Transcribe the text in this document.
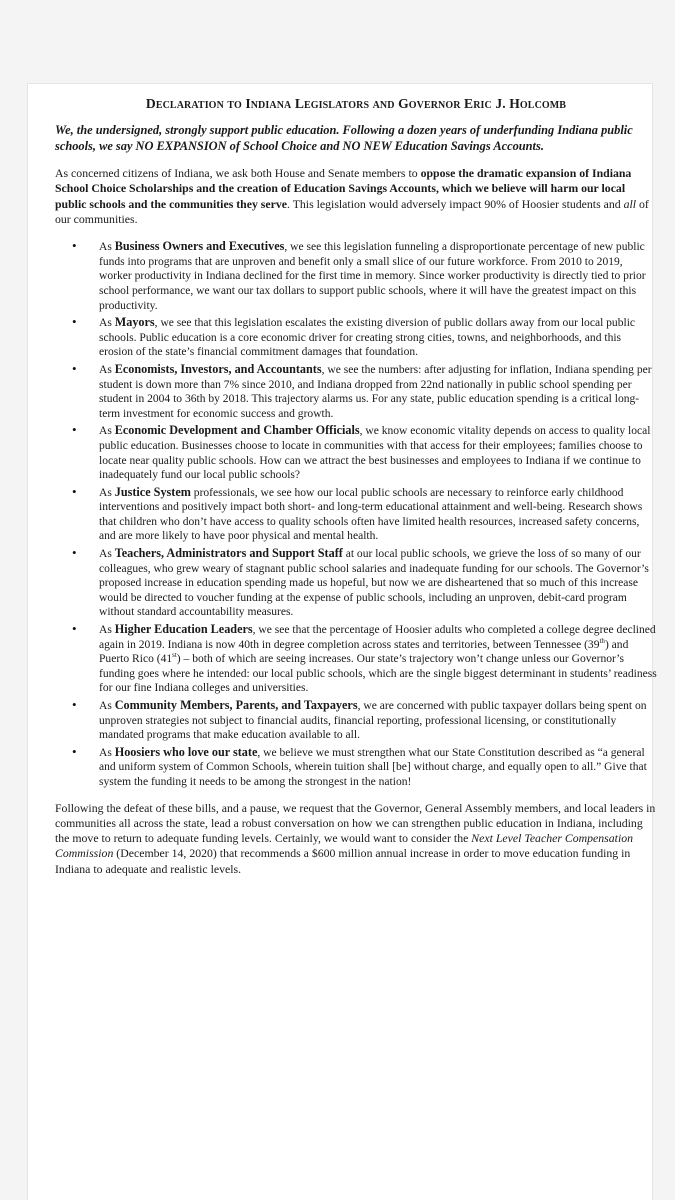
Declaration to Indiana Legislators and Governor Eric J. Holcomb

We, the undersigned, strongly support public education. Following a dozen years of underfunding Indiana public schools, we say NO EXPANSION of School Choice and NO NEW Education Savings Accounts.

As concerned citizens of Indiana, we ask both House and Senate members to oppose the dramatic expansion of Indiana School Choice Scholarships and the creation of Education Savings Accounts, which we believe will harm our local public schools and the communities they serve. This legislation would adversely impact 90% of Hoosier students and all of our communities.

• As Business Owners and Executives, we see this legislation funneling a disproportionate percentage of new public funds into programs that are unproven and benefit only a small slice of our future workforce. From 2010 to 2019, worker productivity in Indiana declined for the first time in memory. Since worker productivity is directly tied to prior school performance, we want our tax dollars to support public schools, where it will have the greatest impact on this productivity.
• As Mayors, we see that this legislation escalates the existing diversion of public dollars away from our local public schools. Public education is a core economic driver for creating strong cities, towns, and neighborhoods, and this erosion of the state’s financial commitment damages that foundation.
• As Economists, Investors, and Accountants, we see the numbers: after adjusting for inflation, Indiana spending per student is down more than 7% since 2010, and Indiana dropped from 22nd nationally in public school spending per student in 2004 to 36th by 2018. This trajectory alarms us. For any state, public education spending is a critical long-term investment for economic success and growth.
• As Economic Development and Chamber Officials, we know economic vitality depends on access to quality local public education. Businesses choose to locate in communities with that access for their employees; families choose to locate near quality public schools. How can we attract the best businesses and employees to Indiana if we continue to inadequately fund our local public schools?
• As Justice System professionals, we see how our local public schools are necessary to reinforce early childhood interventions and positively impact both short- and long-term educational attainment and well-being. Research shows that children who don’t have access to quality schools often have limited health resources, increased safety concerns, and are more likely to have poor physical and mental health.
• As Teachers, Administrators and Support Staff at our local public schools, we grieve the loss of so many of our colleagues, who grew weary of stagnant public school salaries and inadequate funding for our schools. The Governor’s proposed increase in education spending made us hopeful, but now we are disheartened that so much of this increase would be directed to voucher funding at the expense of public schools, including an unproven, debit-card program without standard accountability measures.
• As Higher Education Leaders, we see that the percentage of Hoosier adults who completed a college degree declined again in 2019. Indiana is now 40th in degree completion across states and territories, between Tennessee (39th) and Puerto Rico (41st) – both of which are seeing increases. Our state’s trajectory won’t change unless our Governor’s funding goes where he intended: our local public schools, which are the single biggest determinant in students’ readiness for our fine Indiana colleges and universities.
• As Community Members, Parents, and Taxpayers, we are concerned with public taxpayer dollars being spent on unproven strategies not subject to financial audits, financial reporting, professional licensing, or constitutionally mandated programs that make education available to all.
• As Hoosiers who love our state, we believe we must strengthen what our State Constitution described as “a general and uniform system of Common Schools, wherein tuition shall [be] without charge, and equally open to all.” Give that system the funding it needs to be among the strongest in the nation!

Following the defeat of these bills, and a pause, we request that the Governor, General Assembly members, and local leaders in communities all across the state, lead a robust conversation on how we can strengthen public education in Indiana, including the move to return to adequate funding levels. Certainly, we would want to consider the Next Level Teacher Compensation Commission (December 14, 2020) that recommends a $600 million annual increase in order to move education funding in Indiana to adequate and realistic levels.
